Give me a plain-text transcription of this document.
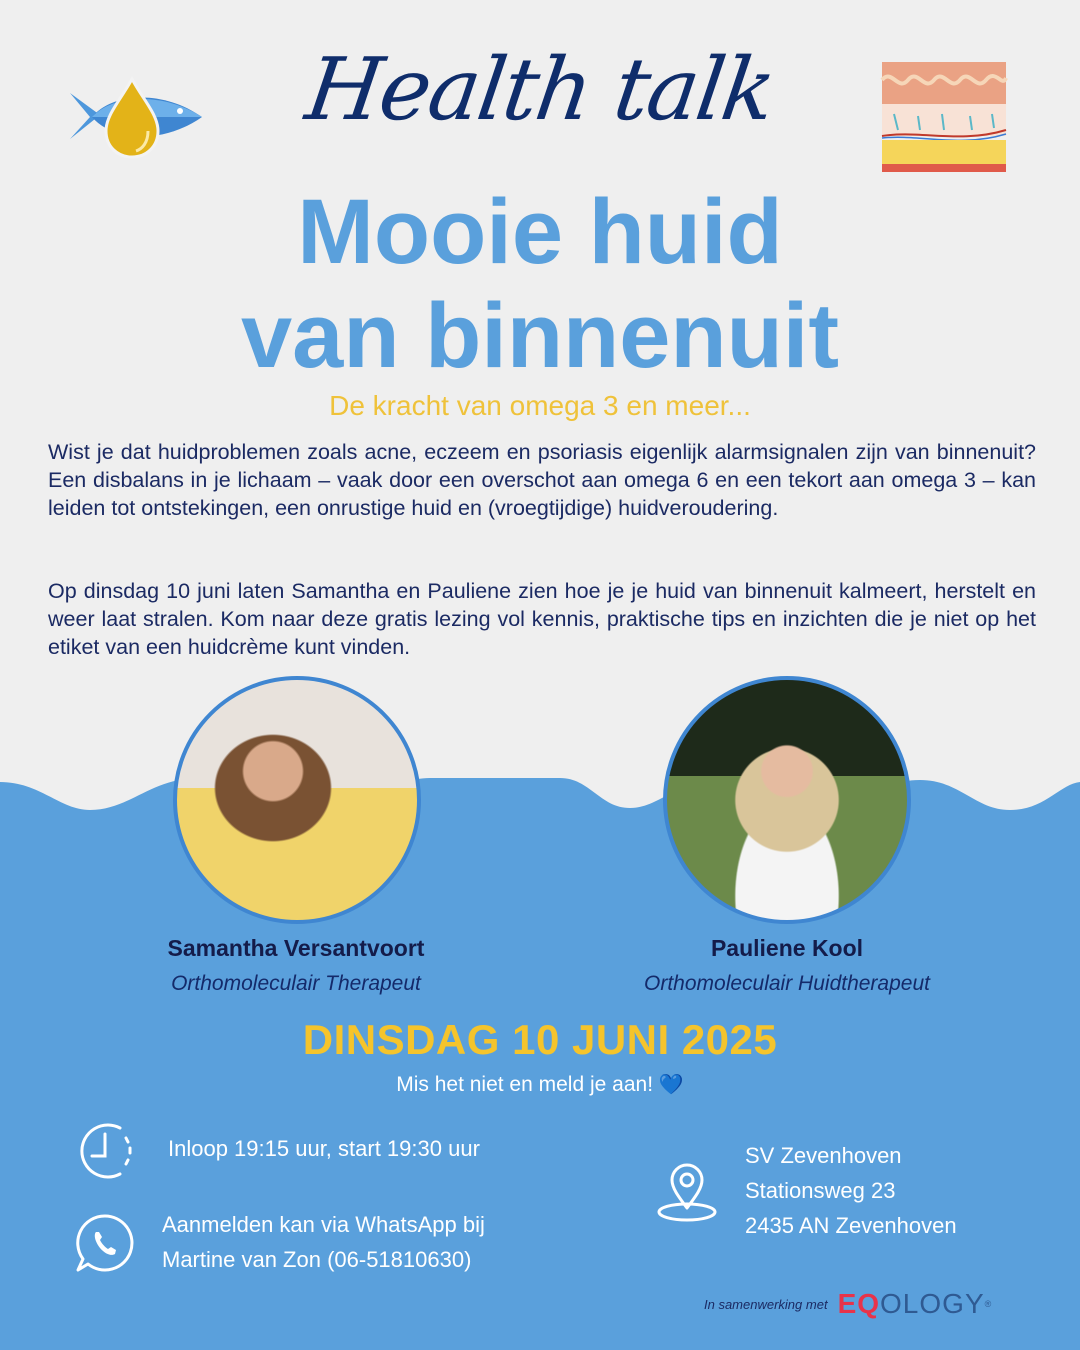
Health talk
Mooie huid
van binnenuit
De kracht van omega 3 en meer...

Wist je dat huidproblemen zoals acne, eczeem en psoriasis eigenlijk alarmsignalen zijn van binnenuit? Een disbalans in je lichaam – vaak door een overschot aan omega 6 en een tekort aan omega 3 – kan leiden tot ontstekingen, een onrustige huid en (vroegtijdige) huidveroudering.

Op dinsdag 10 juni laten Samantha en Pauliene zien hoe je je huid van binnenuit kalmeert, herstelt en weer laat stralen. Kom naar deze gratis lezing vol kennis, praktische tips en inzichten die je niet op het etiket van een huidcrème kunt vinden.

Samantha Versantvoort
Orthomoleculair Therapeut
Pauliene Kool
Orthomoleculair Huidtherapeut
DINSDAG 10 JUNI 2025
Mis het niet en meld je aan! 💙
Inloop 19:15 uur, start 19:30 uur
Aanmelden kan via WhatsApp bij
Martine van Zon (06-51810630)
SV Zevenhoven
Stationsweg 23
2435 AN Zevenhoven
In samenwerking met EQOLOGY®
